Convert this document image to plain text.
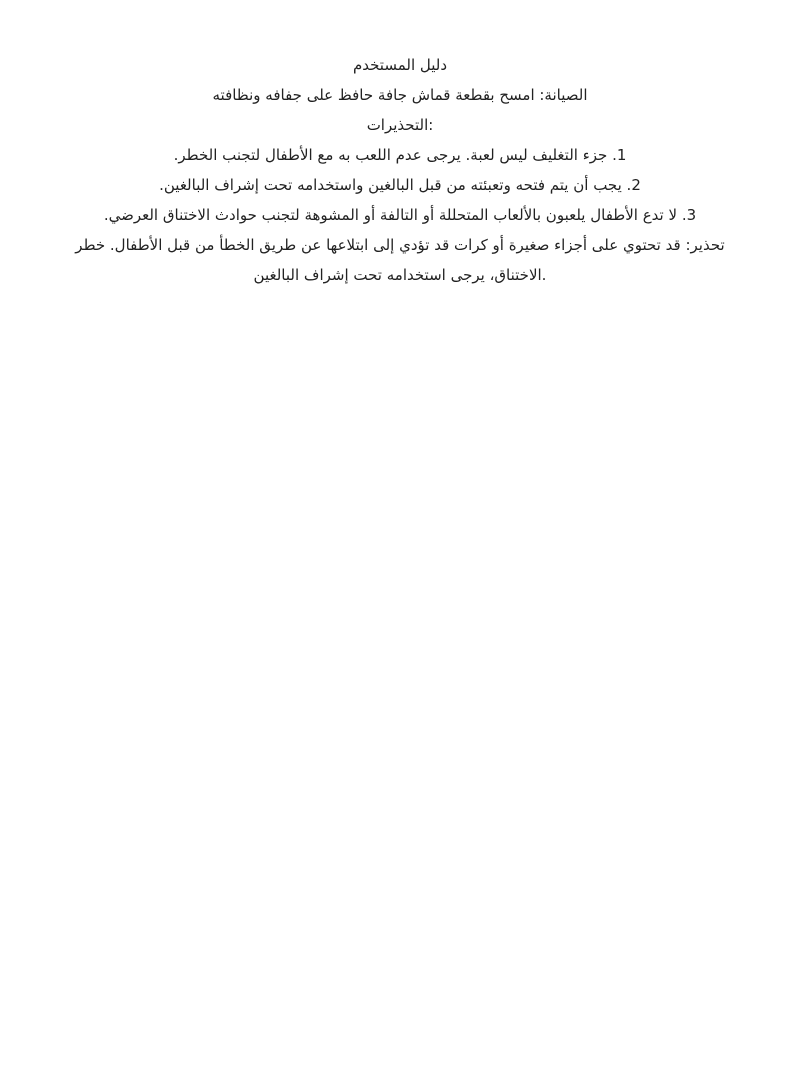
دليل المستخدم
الصيانة: امسح بقطعة قماش جافة حافظ على جفافه ونظافته
:التحذيرات
1. جزء التغليف ليس لعبة. يرجى عدم اللعب به مع الأطفال لتجنب الخطر.
2. يجب أن يتم فتحه وتعبئته من قبل البالغين واستخدامه تحت إشراف البالغين.
3. لا تدع الأطفال يلعبون بالألعاب المتحللة أو التالفة أو المشوهة لتجنب حوادث الاختناق العرضي.
تحذير: قد تحتوي على أجزاء صغيرة أو كرات قد تؤدي إلى ابتلاعها عن طريق الخطأ من قبل الأطفال. خطر
.الاختناق، يرجى استخدامه تحت إشراف البالغين
